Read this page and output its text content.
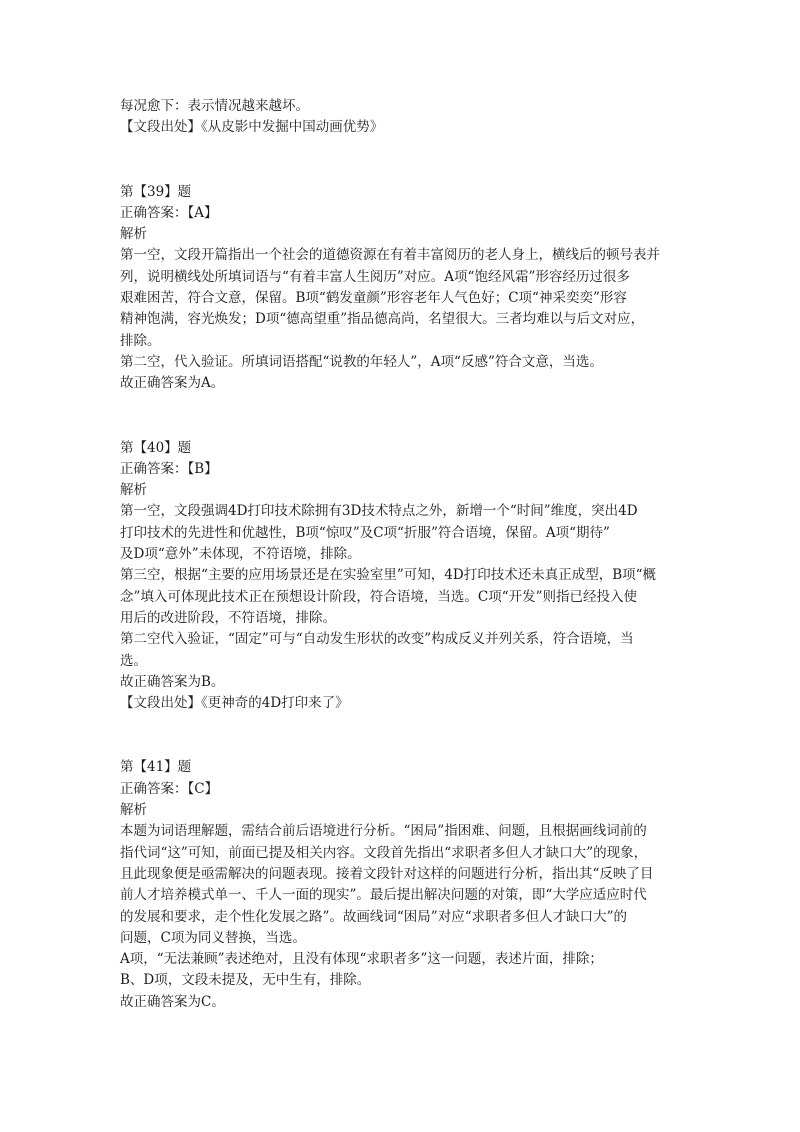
每况愈下：表示情况越来越坏。
【文段出处】《从皮影中发掘中国动画优势》
第【39】题
正确答案：【A】
解析
第一空，文段开篇指出一个社会的道德资源在有着丰富阅历的老人身上，横线后的顿号表并
列，说明横线处所填词语与“有着丰富人生阅历”对应。A项“饱经风霜”形容经历过很多
艰难困苦，符合文意，保留。B项“鹤发童颜”形容老年人气色好；C项“神采奕奕”形容
精神饱满，容光焕发；D项“德高望重”指品德高尚，名望很大。三者均难以与后文对应，
排除。
第二空，代入验证。所填词语搭配“说教的年轻人”，A项“反感”符合文意，当选。
故正确答案为A。
第【40】题
正确答案：【B】
解析
第一空，文段强调4D打印技术除拥有3D技术特点之外，新增一个“时间”维度，突出4D
打印技术的先进性和优越性，B项“惊叹”及C项“折服”符合语境，保留。A项“期待”
及D项“意外”未体现，不符语境，排除。
第三空，根据“主要的应用场景还是在实验室里”可知，4D打印技术还未真正成型，B项“概
念”填入可体现此技术正在预想设计阶段，符合语境，当选。C项“开发”则指已经投入使
用后的改进阶段，不符语境，排除。
第二空代入验证，“固定”可与“自动发生形状的改变”构成反义并列关系，符合语境，当
选。
故正确答案为B。
【文段出处】《更神奇的4D打印来了》
第【41】题
正确答案：【C】
解析
本题为词语理解题，需结合前后语境进行分析。“困局”指困难、问题，且根据画线词前的
指代词“这”可知，前面已提及相关内容。文段首先指出“求职者多但人才缺口大”的现象，
且此现象便是亟需解决的问题表现。接着文段针对这样的问题进行分析，指出其“反映了目
前人才培养模式单一、千人一面的现实”。最后提出解决问题的对策，即“大学应适应时代
的发展和要求，走个性化发展之路”。故画线词“困局”对应“求职者多但人才缺口大”的
问题，C项为同义替换，当选。
A项，“无法兼顾”表述绝对，且没有体现“求职者多”这一问题，表述片面，排除；
B、D项，文段未提及，无中生有，排除。
故正确答案为C。
